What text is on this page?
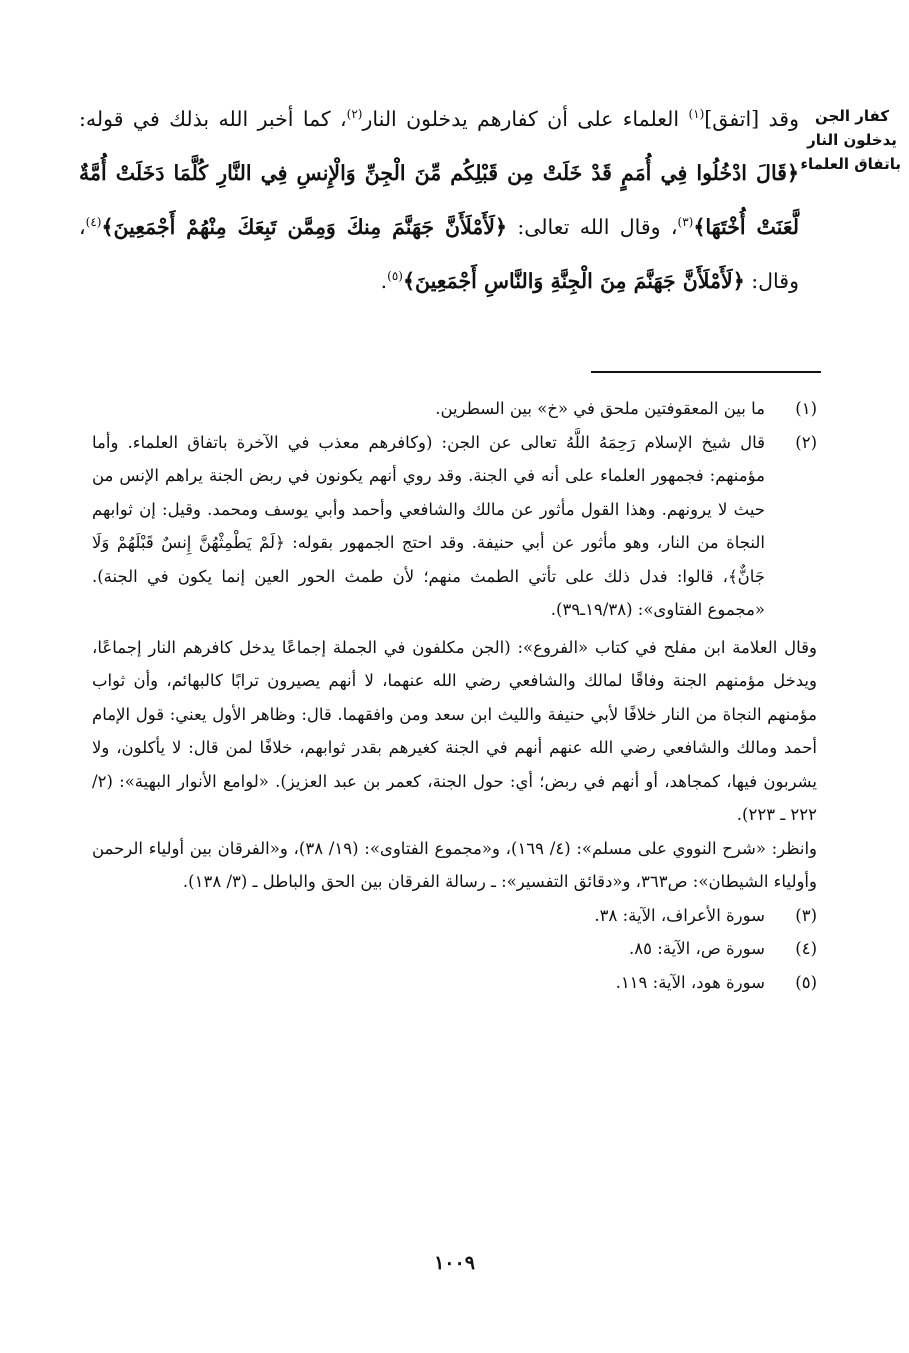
كفار الجن
يدخلون النار
باتفاق العلماء

وقد [اتفق]$^{(١)}$ العلماء على أن كفارهم يدخلون النار$^{(٢)}$، كما أخبر الله بذلك في قوله: ﴿قَالَ ادْخُلُوا فِي أُمَمٍ قَدْ خَلَتْ مِن قَبْلِكُم مِّنَ الْجِنِّ وَالْإِنسِ فِي النَّارِ كُلَّمَا دَخَلَتْ أُمَّةٌ لَّعَنَتْ أُخْتَهَا﴾$^{(٣)}$، وقال الله تعالى: ﴿لَأَمْلَأَنَّ جَهَنَّمَ مِنكَ وَمِمَّن تَبِعَكَ مِنْهُمْ أَجْمَعِينَ﴾$^{(٤)}$، وقال: ﴿لَأَمْلَأَنَّ جَهَنَّمَ مِنَ الْجِنَّةِ وَالنَّاسِ أَجْمَعِينَ﴾$^{(٥)}$.

(١)
ما بين المعقوفتين ملحق في «خ» بين السطرين.
(٢)
قال شيخ الإسلام رَحِمَهُ اللَّهُ تعالى عن الجن: (وكافرهم معذب في الآخرة باتفاق العلماء. وأما مؤمنهم: فجمهور العلماء على أنه في الجنة. وقد روي أنهم يكونون في ربض الجنة يراهم الإنس من حيث لا يرونهم. وهذا القول مأثور عن مالك والشافعي وأحمد وأبي يوسف ومحمد. وقيل: إن ثوابهم النجاة من النار، وهو مأثور عن أبي حنيفة. وقد احتج الجمهور بقوله: ﴿لَمْ يَطْمِثْهُنَّ إِنسٌ قَبْلَهُمْ وَلَا جَانٌّ﴾، قالوا: فدل ذلك على تأتي الطمث منهم؛ لأن طمث الحور العين إنما يكون في الجنة). «مجموع الفتاوى»: (١٩/٣٨ـ٣٩).

وقال العلامة ابن مفلح في كتاب «الفروع»: (الجن مكلفون في الجملة إجماعًا يدخل كافرهم النار إجماعًا، ويدخل مؤمنهم الجنة وفاقًا لمالك والشافعي رضي الله عنهما، لا أنهم يصيرون ترابًا كالبهائم، وأن ثواب مؤمنهم النجاة من النار خلافًا لأبي حنيفة والليث ابن سعد ومن وافقهما. قال: وظاهر الأول يعني: قول الإمام أحمد ومالك والشافعي رضي الله عنهم أنهم في الجنة كغيرهم بقدر ثوابهم، خلافًا لمن قال: لا يأكلون، ولا يشربون فيها، كمجاهد، أو أنهم في ربض؛ أي: حول الجنة، كعمر بن عبد العزيز). «لوامع الأنوار البهية»: (٢/ ٢٢٢ ـ ٢٢٣).

وانظر: «شرح النووي على مسلم»: (٤/ ١٦٩)، و«مجموع الفتاوى»: (١٩/ ٣٨)، و«الفرقان بين أولياء الرحمن وأولياء الشيطان»: ص٣٦٣، و«دقائق التفسير»: ـ رسالة الفرقان بين الحق والباطل ـ (٣/ ١٣٨).

(٣)
سورة الأعراف، الآية: ٣٨.
(٤)
سورة ص، الآية: ٨٥.
(٥)
سورة هود، الآية: ١١٩.
١٠٠٩
